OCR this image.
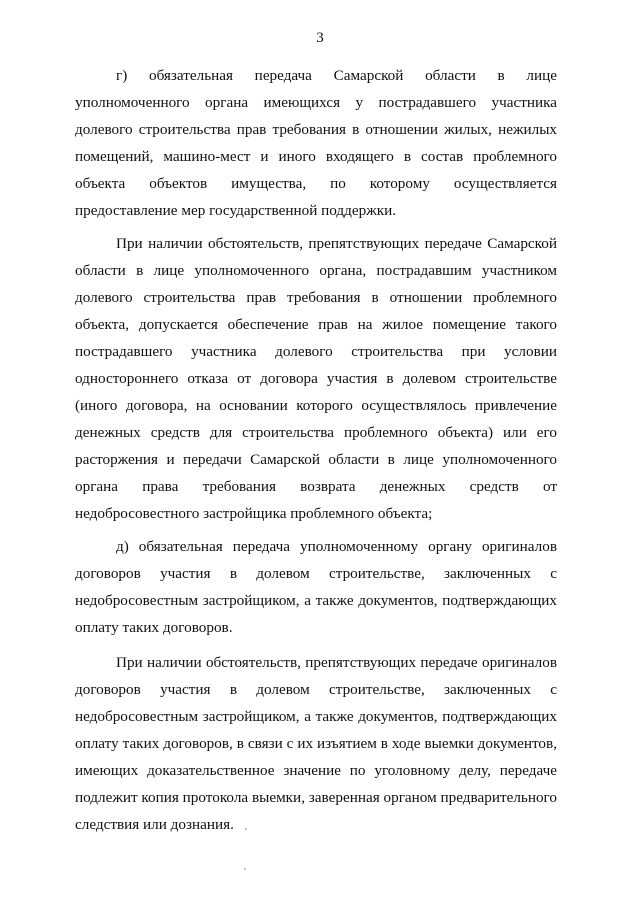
3

г) обязательная передача Самарской области в лице уполномоченного органа имеющихся у пострадавшего участника долевого строительства прав требования в отношении жилых, нежилых помещений, машино-мест и иного входящего в состав проблемного объекта объектов имущества, по которому осуществляется предоставление мер государственной поддержки.

При наличии обстоятельств, препятствующих передаче Самарской области в лице уполномоченного органа, пострадавшим участником долевого строительства прав требования в отношении проблемного объекта, допускается обеспечение прав на жилое помещение такого пострадавшего участника долевого строительства при условии одностороннего отказа от договора участия в долевом строительстве (иного договора, на основании которого осуществлялось привлечение денежных средств для строительства проблемного объекта) или его расторжения и передачи Самарской области в лице уполномоченного органа права требования возврата денежных средств от недобросовестного застройщика проблемного объекта;

д) обязательная передача уполномоченному органу оригиналов договоров участия в долевом строительстве, заключенных с недобросовестным застройщиком, а также документов, подтверждающих оплату таких договоров.

При наличии обстоятельств, препятствующих передаче оригиналов договоров участия в долевом строительстве, заключенных с недобросовестным застройщиком, а также документов, подтверждающих оплату таких договоров, в связи с их изъятием в ходе выемки документов, имеющих доказательственное значение по уголовному делу, передаче подлежит копия протокола выемки, заверенная органом предварительного следствия или дознания.	'
'
